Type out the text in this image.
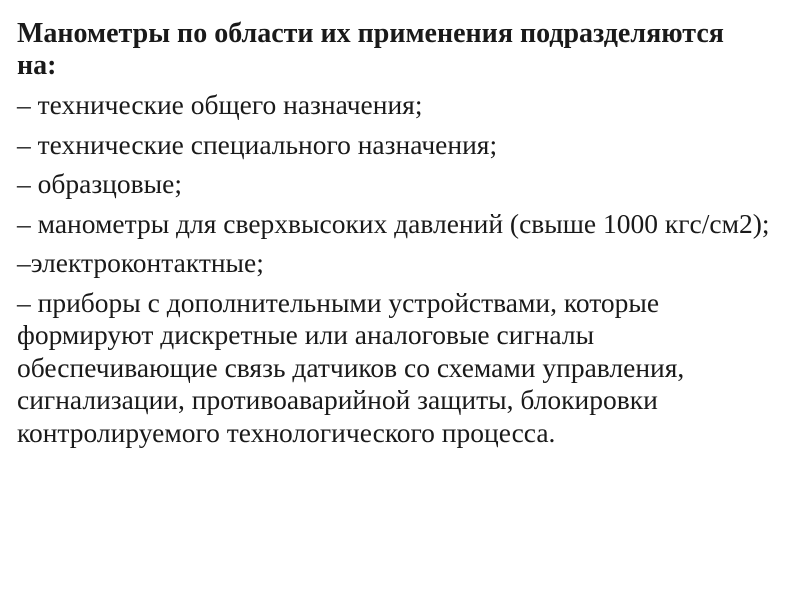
Манометры по области их применения подразделяются на:
– технические общего назначения;
– технические специального назначения;
– образцовые;
– манометры для сверхвысоких давлений (свыше 1000 кгс/см2);
–электроконтактные;
– приборы с дополнительными устройствами, которые формируют дискретные или аналоговые сигналы обеспечивающие связь датчиков со схемами управления, сигнализации, противоаварийной защиты, блокировки контролируемого технологического процесса.
